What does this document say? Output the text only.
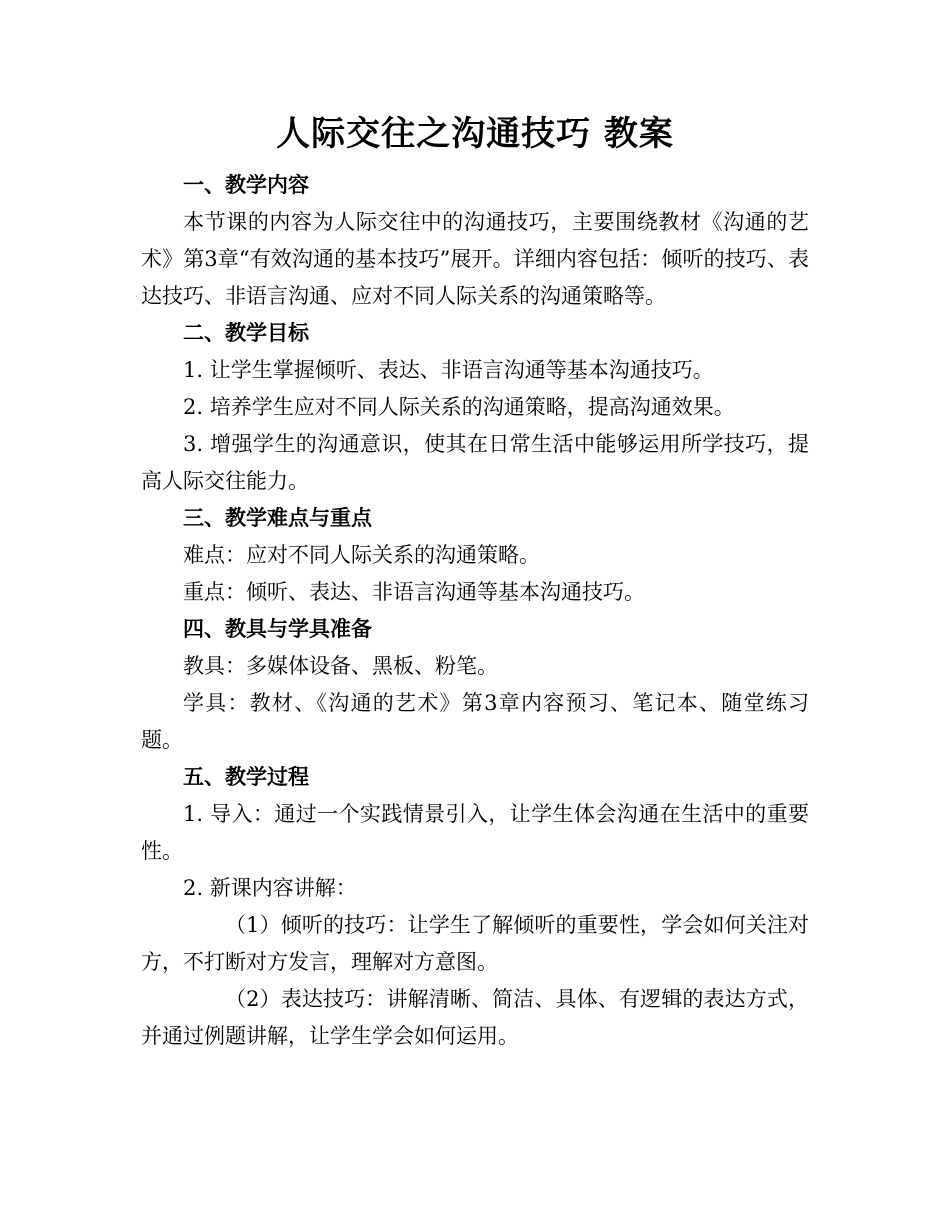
人际交往之沟通技巧 教案

一、教学内容

本节课的内容为人际交往中的沟通技巧，主要围绕教材《沟通的艺术》第3章“有效沟通的基本技巧”展开。详细内容包括：倾听的技巧、表达技巧、非语言沟通、应对不同人际关系的沟通策略等。

二、教学目标

1. 让学生掌握倾听、表达、非语言沟通等基本沟通技巧。

2. 培养学生应对不同人际关系的沟通策略，提高沟通效果。

3. 增强学生的沟通意识，使其在日常生活中能够运用所学技巧，提高人际交往能力。

三、教学难点与重点

难点：应对不同人际关系的沟通策略。

重点：倾听、表达、非语言沟通等基本沟通技巧。

四、教具与学具准备

教具：多媒体设备、黑板、粉笔。

学具：教材、《沟通的艺术》第3章内容预习、笔记本、随堂练习题。

五、教学过程

1. 导入：通过一个实践情景引入，让学生体会沟通在生活中的重要性。

2. 新课内容讲解：

（1）倾听的技巧：让学生了解倾听的重要性，学会如何关注对方，不打断对方发言，理解对方意图。

（2）表达技巧：讲解清晰、简洁、具体、有逻辑的表达方式，并通过例题讲解，让学生学会如何运用。
